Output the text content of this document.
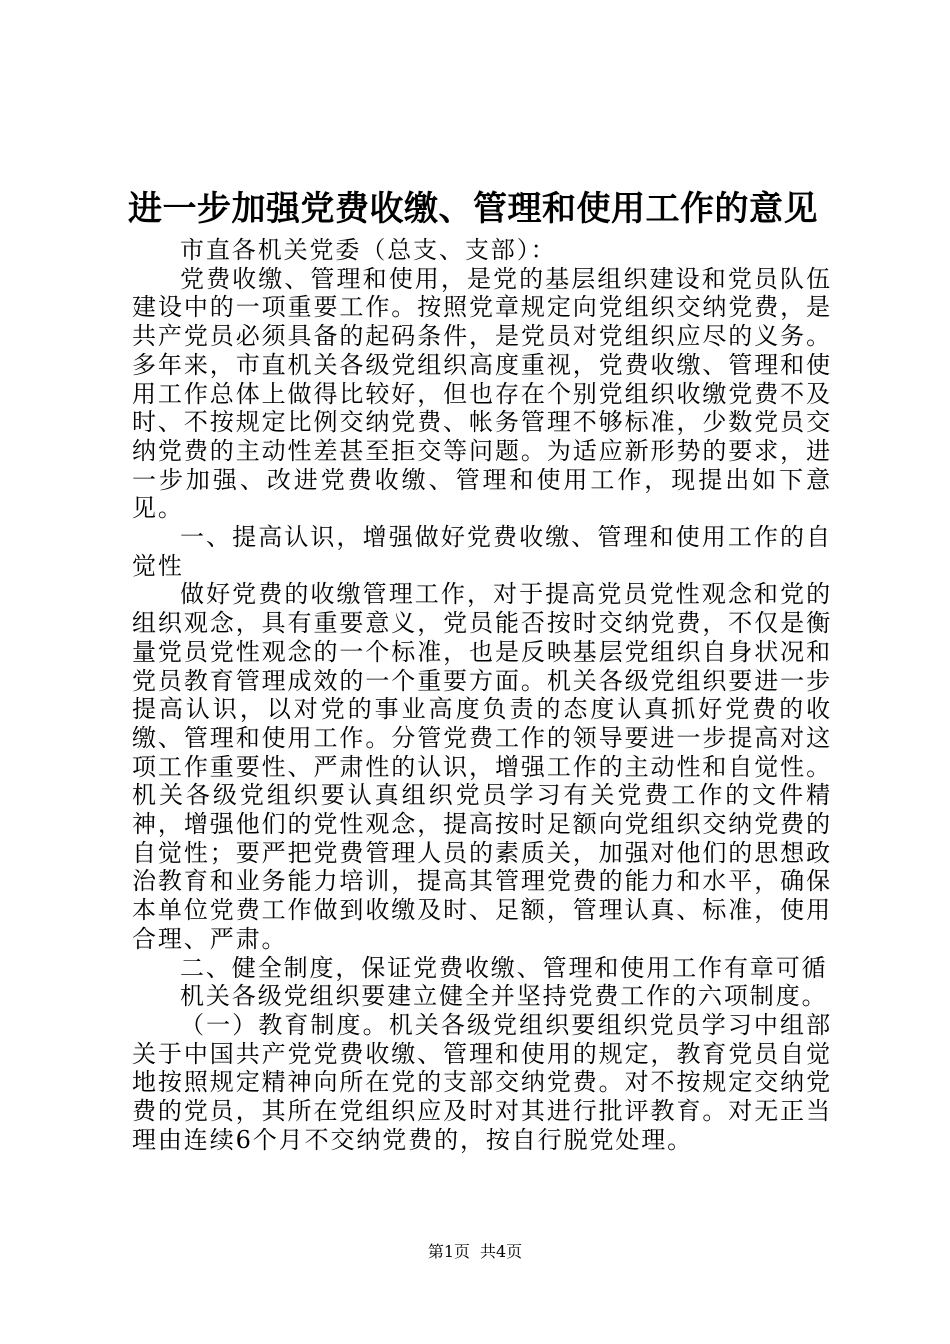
进一步加强党费收缴、管理和使用工作的意见

市直各机关党委（总支、支部）：

党费收缴、管理和使用，是党的基层组织建设和党员队伍建设中的一项重要工作。按照党章规定向党组织交纳党费，是共产党员必须具备的起码条件，是党员对党组织应尽的义务。多年来，市直机关各级党组织高度重视，党费收缴、管理和使用工作总体上做得比较好，但也存在个别党组织收缴党费不及时、不按规定比例交纳党费、帐务管理不够标准，少数党员交纳党费的主动性差甚至拒交等问题。为适应新形势的要求，进一步加强、改进党费收缴、管理和使用工作，现提出如下意见。

一、提高认识，增强做好党费收缴、管理和使用工作的自觉性

做好党费的收缴管理工作，对于提高党员党性观念和党的组织观念，具有重要意义，党员能否按时交纳党费，不仅是衡量党员党性观念的一个标准，也是反映基层党组织自身状况和党员教育管理成效的一个重要方面。机关各级党组织要进一步提高认识，以对党的事业高度负责的态度认真抓好党费的收缴、管理和使用工作。分管党费工作的领导要进一步提高对这项工作重要性、严肃性的认识，增强工作的主动性和自觉性。机关各级党组织要认真组织党员学习有关党费工作的文件精神，增强他们的党性观念，提高按时足额向党组织交纳党费的自觉性；要严把党费管理人员的素质关，加强对他们的思想政治教育和业务能力培训，提高其管理党费的能力和水平，确保本单位党费工作做到收缴及时、足额，管理认真、标准，使用合理、严肃。

二、健全制度，保证党费收缴、管理和使用工作有章可循

机关各级党组织要建立健全并坚持党费工作的六项制度。

（一）教育制度。机关各级党组织要组织党员学习中组部关于中国共产党党费收缴、管理和使用的规定，教育党员自觉地按照规定精神向所在党的支部交纳党费。对不按规定交纳党费的党员，其所在党组织应及时对其进行批评教育。对无正当理由连续6个月不交纳党费的，按自行脱党处理。

第1页 共4页
